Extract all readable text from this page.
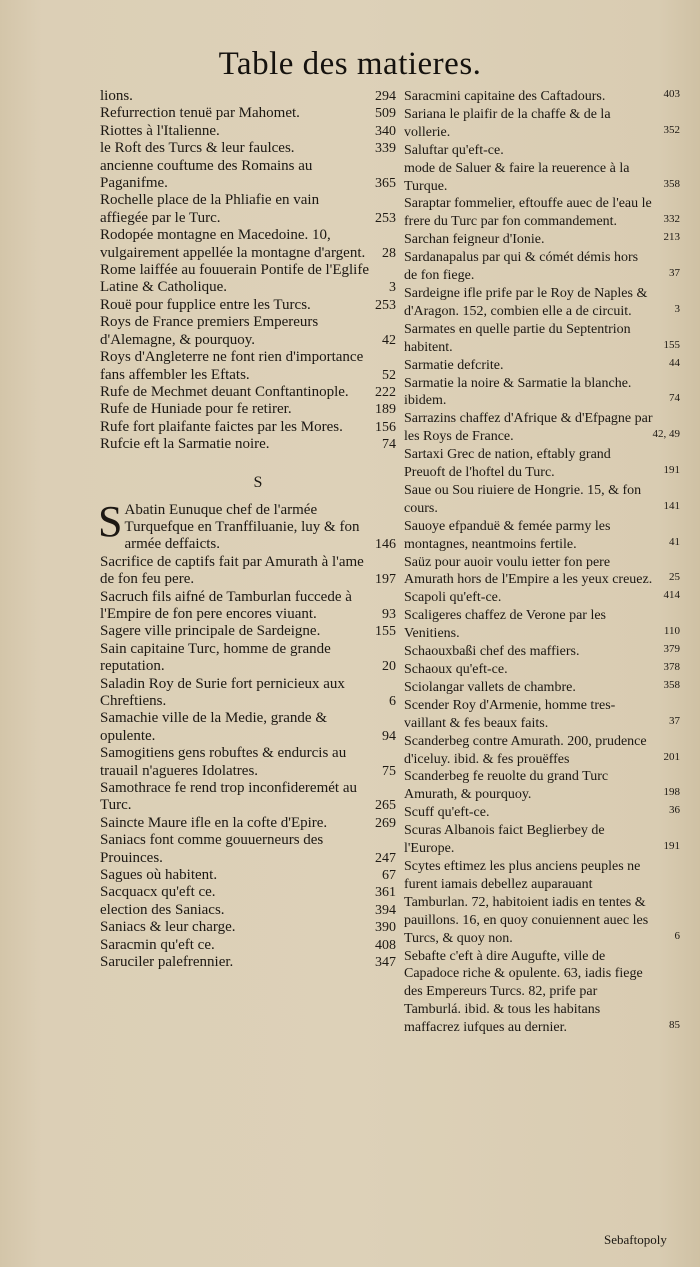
Table des matieres.
lions.	294
Refurrection tenuë par Mahomet.	509
Riottes à l'Italienne.	340
le Roft des Turcs & leur faulces.	339
ancienne couftume des Romains au Paganifme.	365
Rochelle place de la Phliafie en vain affiegée par le Turc.	253
Rodopée montagne en Macedoine. 10, vulgairement appellée la montagne d'argent. 28
Rome laiffée au fouuerain Pontife de l'Eglife Latine & Catholique.	3
Rouë pour fupplice entre les Turcs.	253
Roys de France premiers Empereurs d'Alemagne, & pourquoy.	42
Roys d'Angleterre ne font rien d'importance fans affembler les Eftats.	52
Rufe de Mechmet deuant Conftantinople. 222
Rufe de Huniade pour fe retirer.	189
Rufe fort plaifante faictes par les Mores. 156
Rufcie eft la Sarmatie noire.	74
S
S Abatin Eunuque chef de l'armée Turquefque en Tranffiluanie, luy & fon armée deffaicts.	146
Sacrifice de captifs fait par Amurath à l'ame de fon feu pere.	197
Sacruch fils aifné de Tamburlan fuccede à l'Empire de fon pere encores viuant.	93
Sagere ville principale de Sardeigne.	155
Sain capitaine Turc, homme de grande reputation.	20
Saladin Roy de Surie fort pernicieux aux Chreftiens.	6
Samachie ville de la Medie, grande & opulente.	94
Samogitiens gens robuftes & endurcis au trauail n'agueres Idolatres.	75
Samothrace fe rend trop inconfideremét au Turc.	265
Saincte Maure ifle en la cofte d'Epire.	269
Saniacs font comme gouuerneurs des Prouinces.	247
Sagues où habitent.	67
Sacquacx qu'eft ce.	361
election des Saniacs.	394
Saniacs & leur charge.	390
Saracmin qu'eft ce.	408
Saruciler palefrennier.	347
Saracmini capitaine des Caftadours.	403
Sariana le plaifir de la chaffe & de la vollerie.	352
Saluftar qu'eft-ce.
mode de Saluer & faire la reuerence à la Turque.	358
Saraptar fommelier, eftouffe auec de l'eau le frere du Turc par fon commandement.	332
Sarchan feigneur d'Ionie.	213
Sardanapalus par qui & cómét démis hors de fon fiege.	37
Sardeigne ifle prife par le Roy de Naples & d'Aragon. 152, combien elle a de circuit.	3
Sarmates en quelle partie du Septentrion habitent.	155
Sarmatie defcrite.	44
Sarmatie la noire & Sarmatie la blanche. ibidem.	74
Sarrazins chaffez d'Afrique & d'Efpagne par les Roys de France.	42, 49
Sartaxi Grec de nation, eftably grand Preuoft de l'hoftel du Turc.	191
Saue ou Sou riuiere de Hongrie. 15, & fon cours.	141
Sauoye efpanduë & femée parmy les montagnes, neantmoins fertile.	41
Saüz pour auoir voulu ietter fon pere Amurath hors de l'Empire a les yeux creuez. 25
Scapoli qu'eft-ce.	414
Scaligeres chaffez de Verone par les Venitiens.	110
Schaouxbaßi chef des maffiers.	379
Schaoux qu'eft-ce.	378
Sciolangar vallets de chambre.	358
Scender Roy d'Armenie, homme tres-vaillant & fes beaux faits.	37
Scanderbeg contre Amurath. 200, prudence d'iceluy. ibid. & fes prouëffes	201
Scanderbeg fe reuolte du grand Turc Amurath, & pourquoy.	198
Scuff qu'eft-ce.	36
Scuras Albanois faict Beglierbey de l'Europe.	191
Scytes eftimez les plus anciens peuples ne furent iamais debellez auparauant Tamburlan. 72, habitoient iadis en tentes & pauillons. 16, en quoy conuiennent auec les Turcs, & quoy non.	6
Sebafte c'eft à dire Augufte, ville de Capadoce riche & opulente. 63, iadis fiege des Empereurs Turcs. 82, prife par Tamburlá. ibid. & tous les habitans maffacrez iufques au dernier.	85
Sebaftopoly
